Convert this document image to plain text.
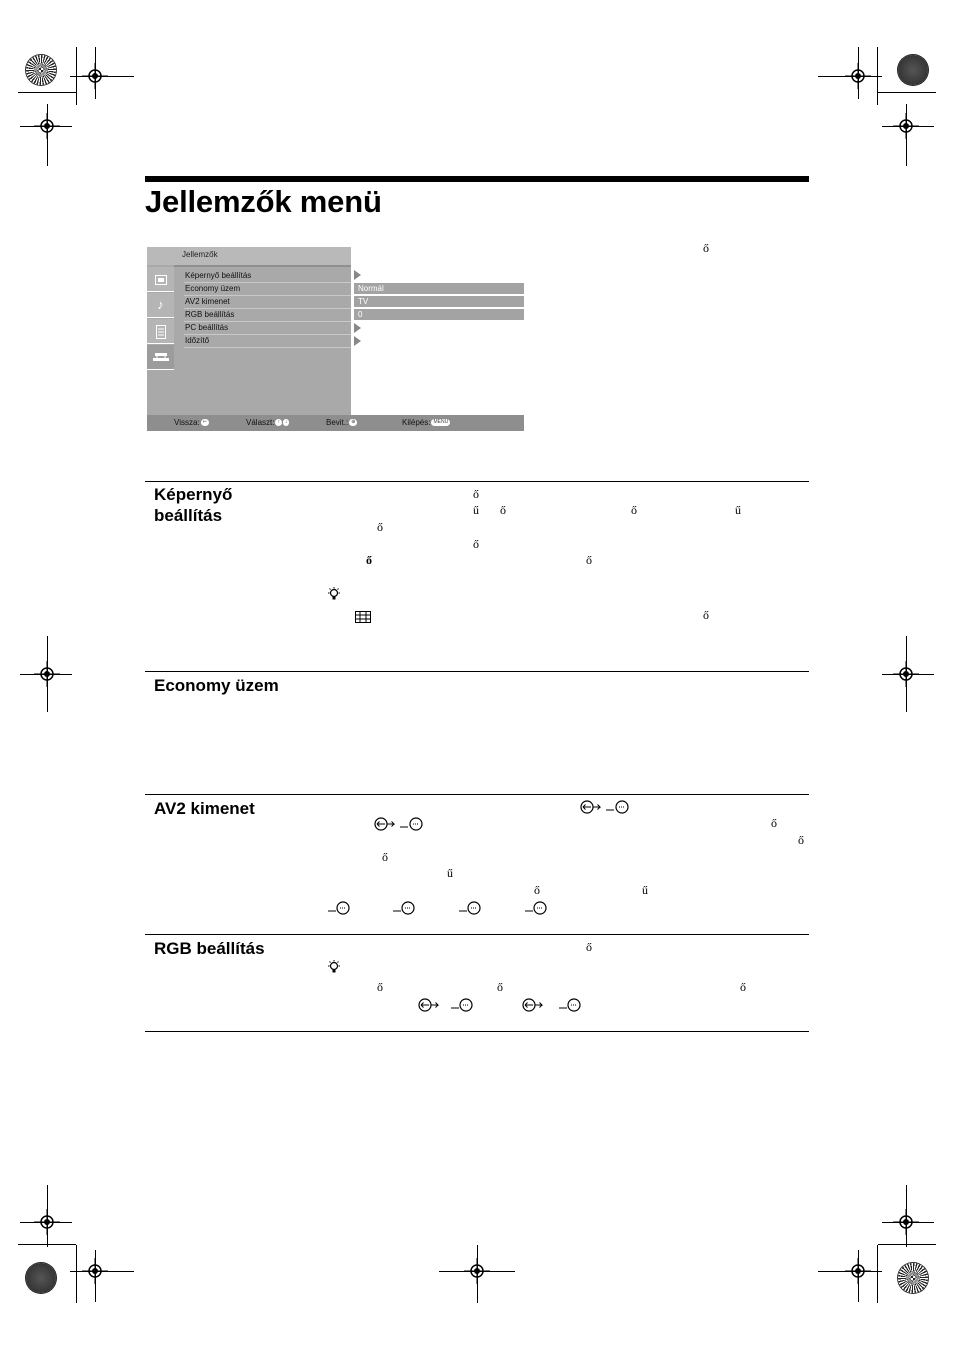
Jellemzők menü
ő
Jellemzők
♪
Képernyő beállítás
Economy üzem
AV2 kimenet
RGB beállítás
PC beállítás
Időzítő
Normál
TV
0
Vissza: ⇐	Választ: ↑ ↓	Bevit.: ⊕	Kilépés: MENU
Képernyő
beállítás
ő
ű ő	ő	ű
ő
ő
ő	ő
ő
Economy üzem
AV2 kimenet
ő
ő
ő
ű
ő	ű
RGB beállítás	ő
ő	ő	ő
